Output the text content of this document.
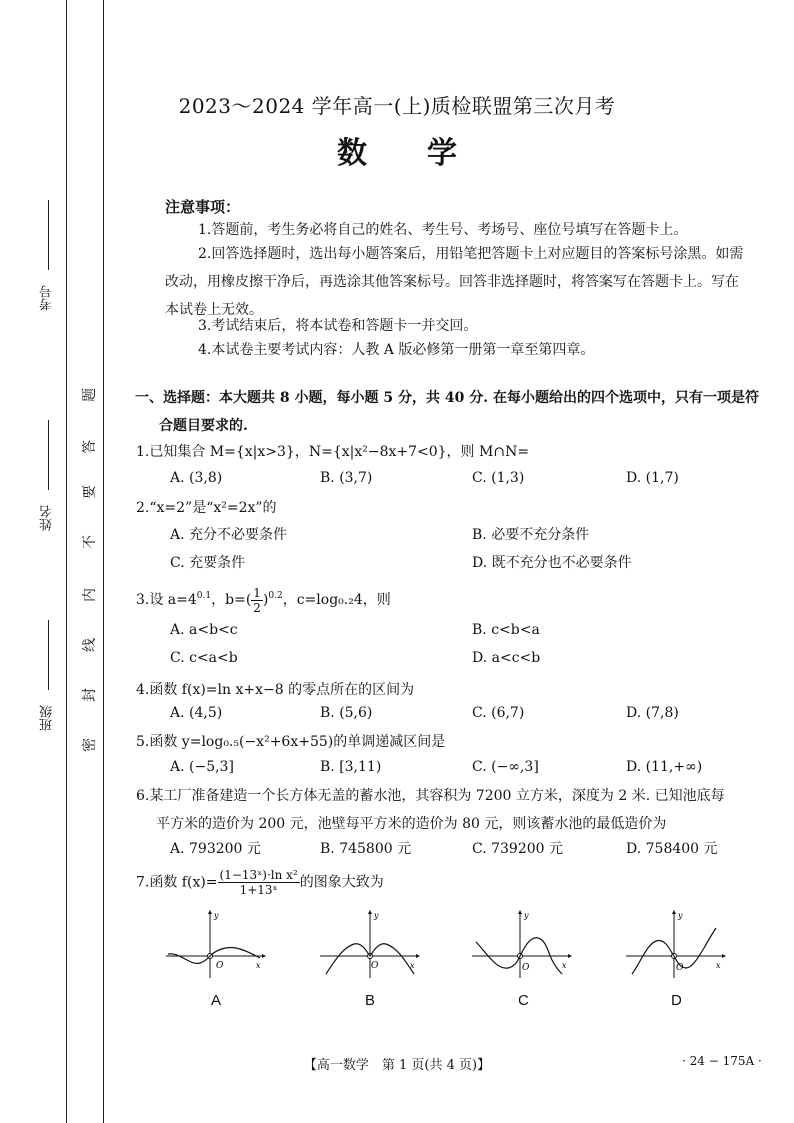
考号
姓名
班级
题
答
要
不
内
线
封
密
2023～2024 学年高一(上)质检联盟第三次月考
数学
注意事项：
1.答题前，考生务必将自己的姓名、考生号、考场号、座位号填写在答题卡上。
2.回答选择题时，选出每小题答案后，用铅笔把答题卡上对应题目的答案标号涂黑。如需改动，用橡皮擦干净后，再选涂其他答案标号。回答非选择题时，将答案写在答题卡上。写在本试卷上无效。
3.考试结束后，将本试卷和答题卡一并交回。
4.本试卷主要考试内容：人教 A 版必修第一册第一章至第四章。
一、选择题：本大题共 8 小题，每小题 5 分，共 40 分. 在每小题给出的四个选项中，只有一项是符
合题目要求的.
1.已知集合 M={x|x>3}，N={x|x²−8x+7<0}，则 M∩N=
A. (3,8)	B. (3,7)	C. (1,3)	D. (1,7)
2.“x=2”是“x²=2x”的
A. 充分不必要条件	B. 必要不充分条件
C. 充要条件	D. 既不充分也不必要条件
3.设 $a=4^{0.1}$，$b=( \frac{1}{2} )^{0.2}$，c=log₀.₂4，则
A. a<b<c	B. c<b<a
C. c<a<b	D. a<c<b
4.函数 f(x)=ln x+x−8 的零点所在的区间为
A. (4,5)	B. (5,6)	C. (6,7)	D. (7,8)
5.函数 y=log₀.₅(−x²+6x+55)的单调递减区间是
A. (−5,3]	B. [3,11)	C. (−∞,3]	D. (11,+∞)
6.某工厂准备建造一个长方体无盖的蓄水池，其容积为 7200 立方米，深度为 2 米. 已知池底每
平方米的造价为 200 元，池壁每平方米的造价为 80 元，则该蓄水池的最低造价为
A. 793200 元	B. 745800 元	C. 739200 元	D. 758400 元
7.函数 $f(x)= \frac{\text{(1−13ˣ)·ln x²}}{\text{1+13ˣ}}$ 的图象大致为
y
x
O
A
y
x
O
B
y
x
O
C
y
x
O
D
【高一数学　第 1 页(共 4 页)】	· 24 − 175A ·
